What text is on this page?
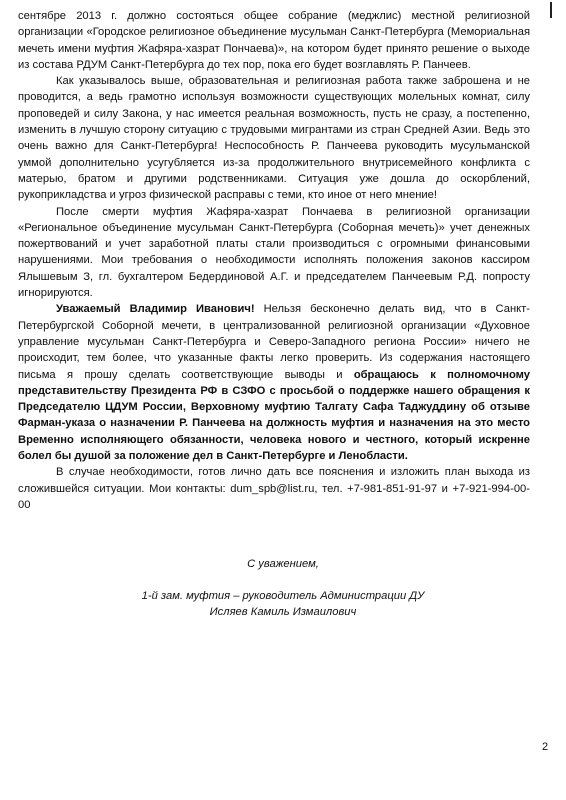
сентябре 2013 г. должно состояться общее собрание (меджлис) местной религиозной организации «Городское религиозное объединение мусульман Санкт-Петербурга (Мемориальная мечеть имени муфтия Жафяра-хазрат Пончаева)», на котором будет принято решение о выходе из состава РДУМ Санкт-Петербурга до тех пор, пока его будет возглавлять Р. Панчеев.

Как указывалось выше, образовательная и религиозная работа также заброшена и не проводится, а ведь грамотно используя возможности существующих молельных комнат, силу проповедей и силу Закона, у нас имеется реальная возможность, пусть не сразу, а постепенно, изменить в лучшую сторону ситуацию с трудовыми мигрантами из стран Средней Азии. Ведь это очень важно для Санкт-Петербурга! Неспособность Р. Панчеева руководить мусульманской уммой дополнительно усугубляется из-за продолжительного внутрисемейного конфликта с матерью, братом и другими родственниками. Ситуация уже дошла до оскорблений, рукоприкладства и угроз физической расправы с теми, кто иное от него мнение!

После смерти муфтия Жафяра-хазрат Пончаева в религиозной организации «Региональное объединение мусульман Санкт-Петербурга (Соборная мечеть)» учет денежных пожертвований и учет заработной платы стали производиться с огромными финансовыми нарушениями. Мои требования о необходимости исполнять положения законов кассиром Ялышевым З, гл. бухгалтером Бедердиновой А.Г. и председателем Панчеевым Р.Д. попросту игнорируются.

Уважаемый Владимир Иванович! Нельзя бесконечно делать вид, что в Санкт-Петербургской Соборной мечети, в централизованной религиозной организации «Духовное управление мусульман Санкт-Петербурга и Северо-Западного региона России» ничего не происходит, тем более, что указанные факты легко проверить. Из содержания настоящего письма я прошу сделать соответствующие выводы и обращаюсь к полномочному представительству Президента РФ в СЗФО с просьбой о поддержке нашего обращения к Председателю ЦДУМ России, Верховному муфтию Талгату Сафа Таджуддину об отзыве Фарман-указа о назначении Р. Панчеева на должность муфтия и назначения на это место Временно исполняющего обязанности, человека нового и честного, который искренне болел бы душой за положение дел в Санкт-Петербурге и Ленобласти.

В случае необходимости, готов лично дать все пояснения и изложить план выхода из сложившейся ситуации. Мои контакты: dum_spb@list.ru, тел. +7-981-851-91-97 и +7-921-994-00-00

С уважением,
1-й зам. муфтия – руководитель Администрации ДУ
Исляев Камиль Измаилович
2
